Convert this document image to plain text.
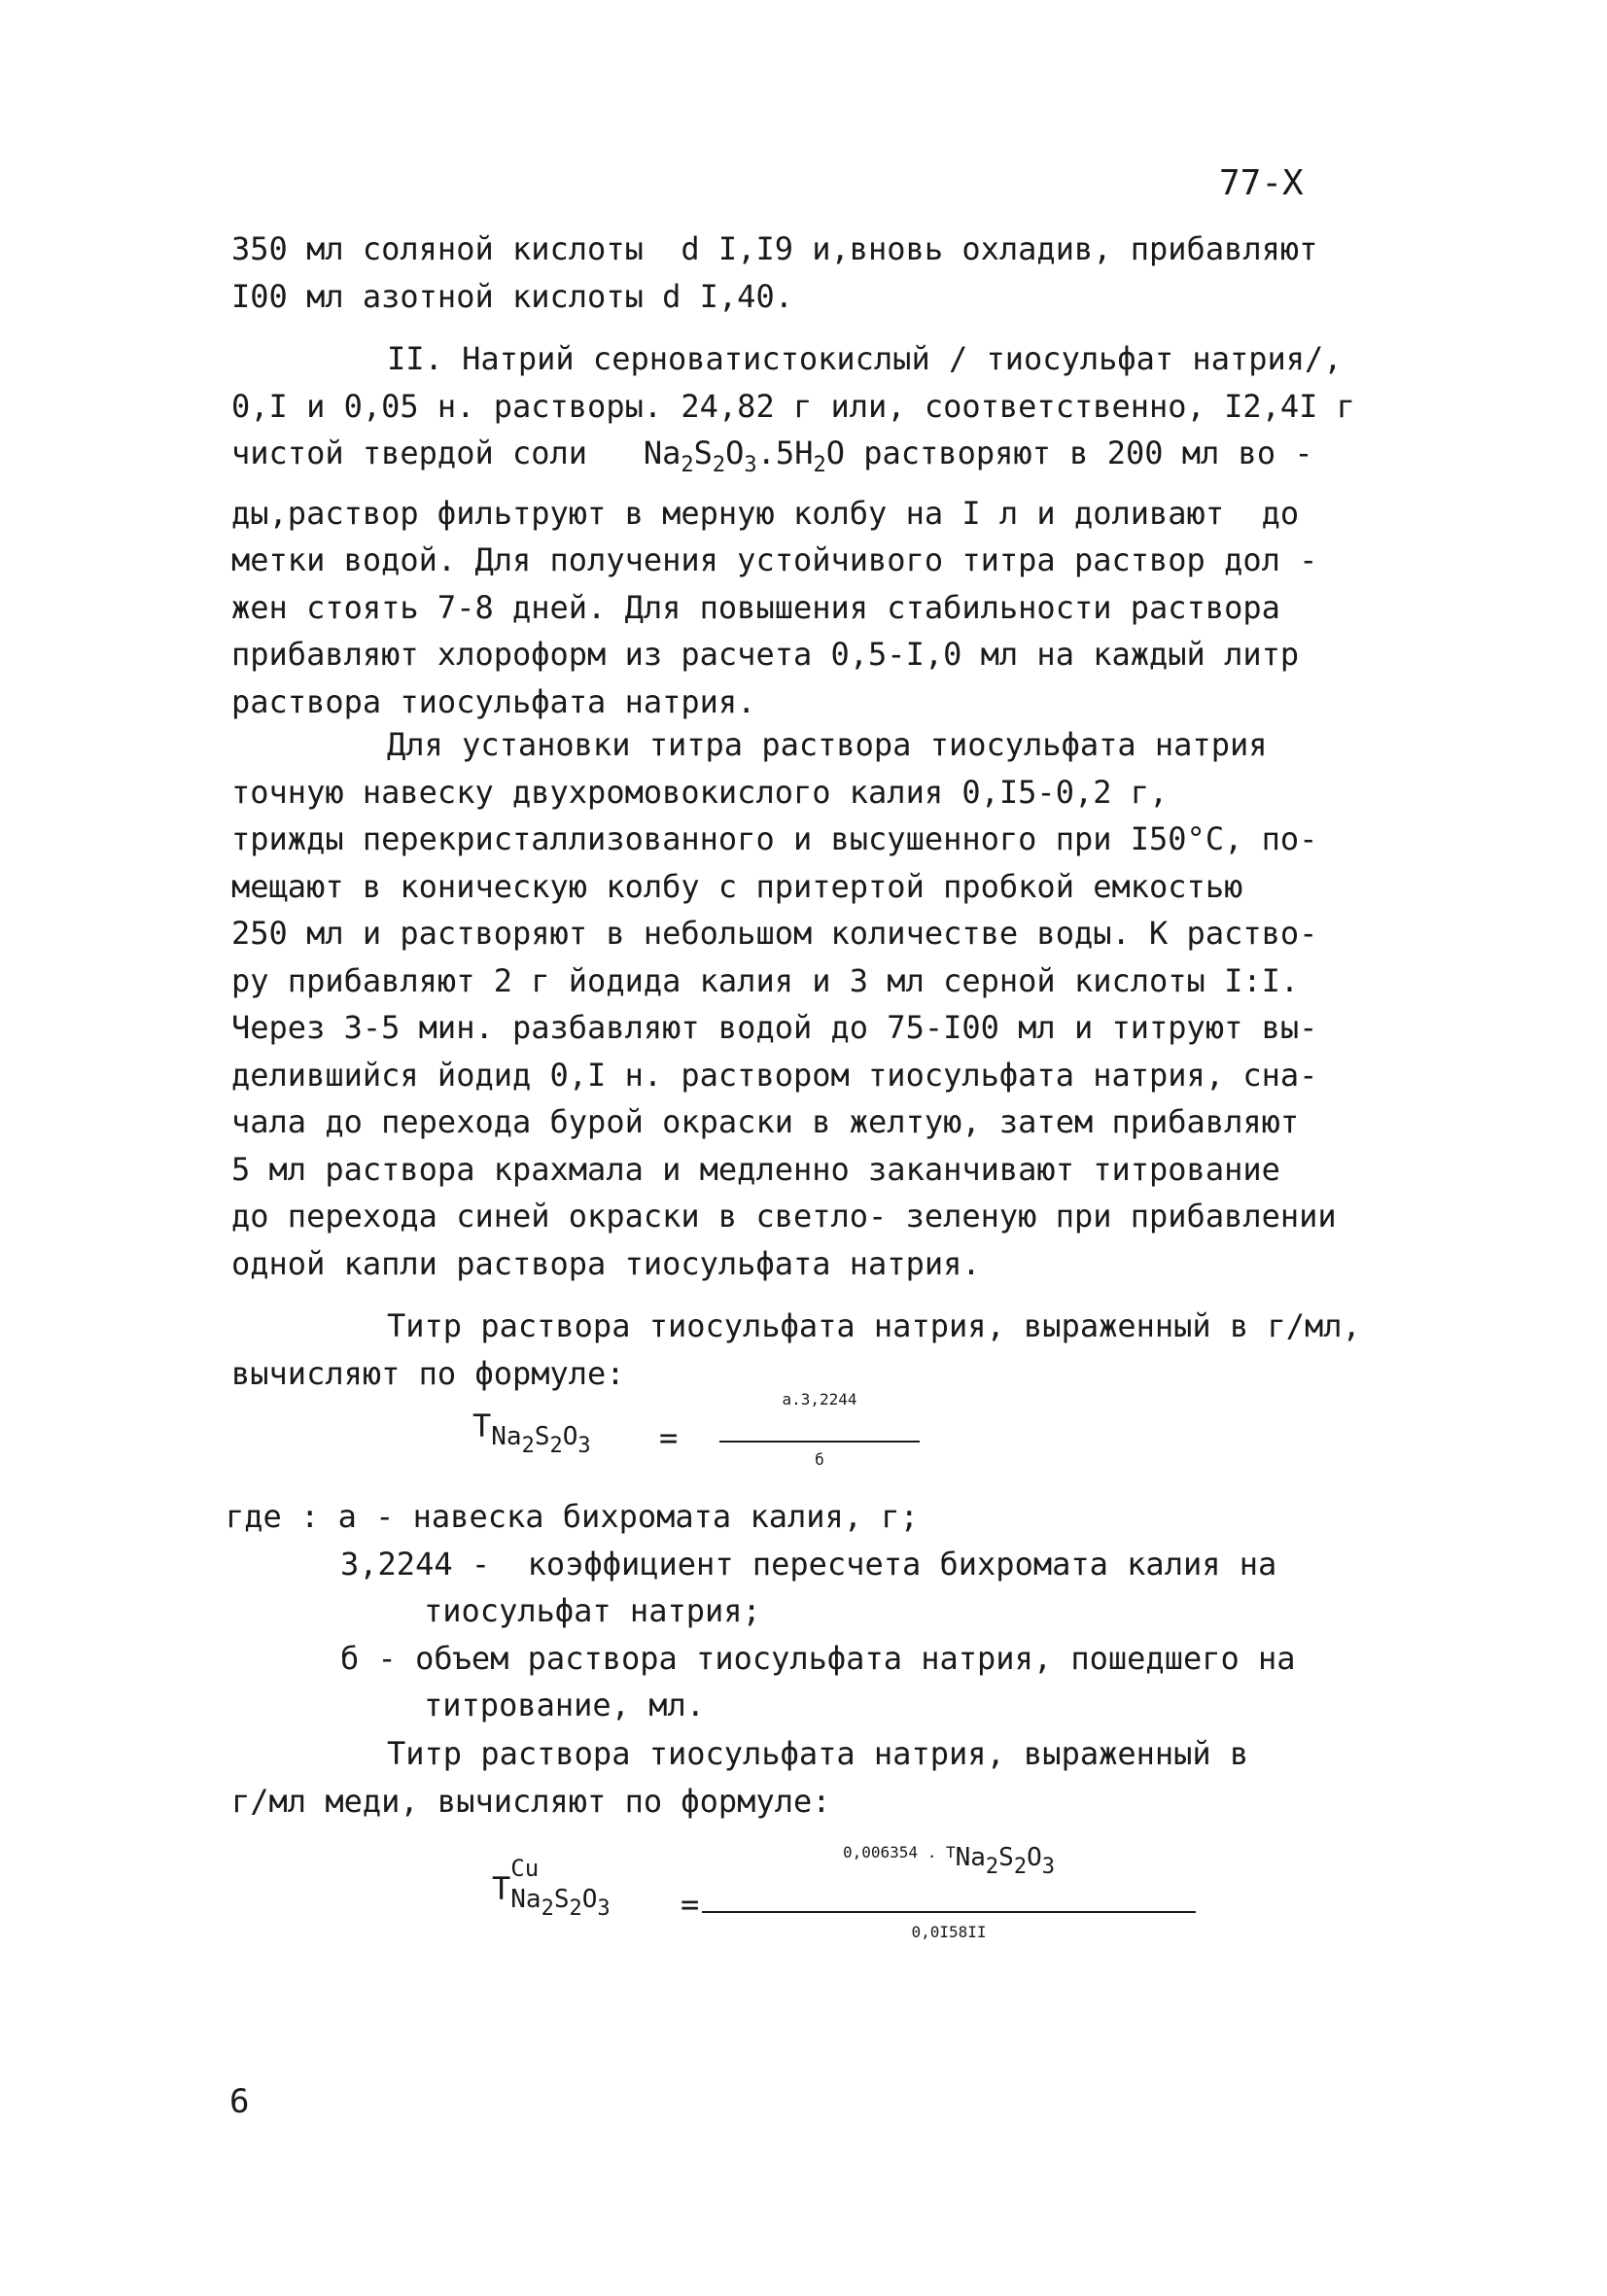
77-Х
350 мл соляной кислоты  d I,I9 и,вновь охладив, прибавляют
I00 мл азотной кислоты d I,40.
II. Натрий серноватистокислый / тиосульфат натрия/,
0,I и 0,05 н. растворы. 24,82 г или, соответственно, I2,4I г
чистой твердой соли   $Na_2S_2O_3.5H_2O$ растворяют в 200 мл во -
ды,раствор фильтруют в мерную колбу на I л и доливают  до
метки водой. Для получения устойчивого титра раствор дол -
жен стоять 7-8 дней. Для повышения стабильности раствора
прибавляют хлороформ из расчета 0,5-I,0 мл на каждый литр
раствора тиосульфата натрия.
Для установки титра раствора тиосульфата натрия
точную навеску двухромовокислого калия 0,I5-0,2 г,
трижды перекристаллизованного и высушенного при I50°С, по-
мещают в коническую колбу с притертой пробкой емкостью
250 мл и растворяют в небольшом количестве воды. К раство-
ру прибавляют 2 г йодида калия и 3 мл серной кислоты I:I.
Через 3-5 мин. разбавляют водой до 75-I00 мл и титруют вы-
делившийся йодид 0,I н. раствором тиосульфата натрия, сна-
чала до перехода бурой окраски в желтую, затем прибавляют
5 мл раствора крахмала и медленно заканчивают титрование
до перехода синей окраски в светло- зеленую при прибавлении
одной капли раствора тиосульфата натрия.
Титр раствора тиосульфата натрия, выраженный в г/мл,
вычисляют по формуле:
$T_{Na_2S_2O_3}$ =
а.3,2244
б
где : а - навеска бихромата калия, г;
3,2244 -  коэффициент пересчета бихромата калия на
тиосульфат натрия;
б - объем раствора тиосульфата натрия, пошедшего на
титрование, мл.
Титр раствора тиосульфата натрия, выраженный в
г/мл меди, вычисляют по формуле:
T
Cu
$_{Na_2S_2O_3}$ =
0,006354 . $TNa_2S_2O_3$
0,0I58II
6
